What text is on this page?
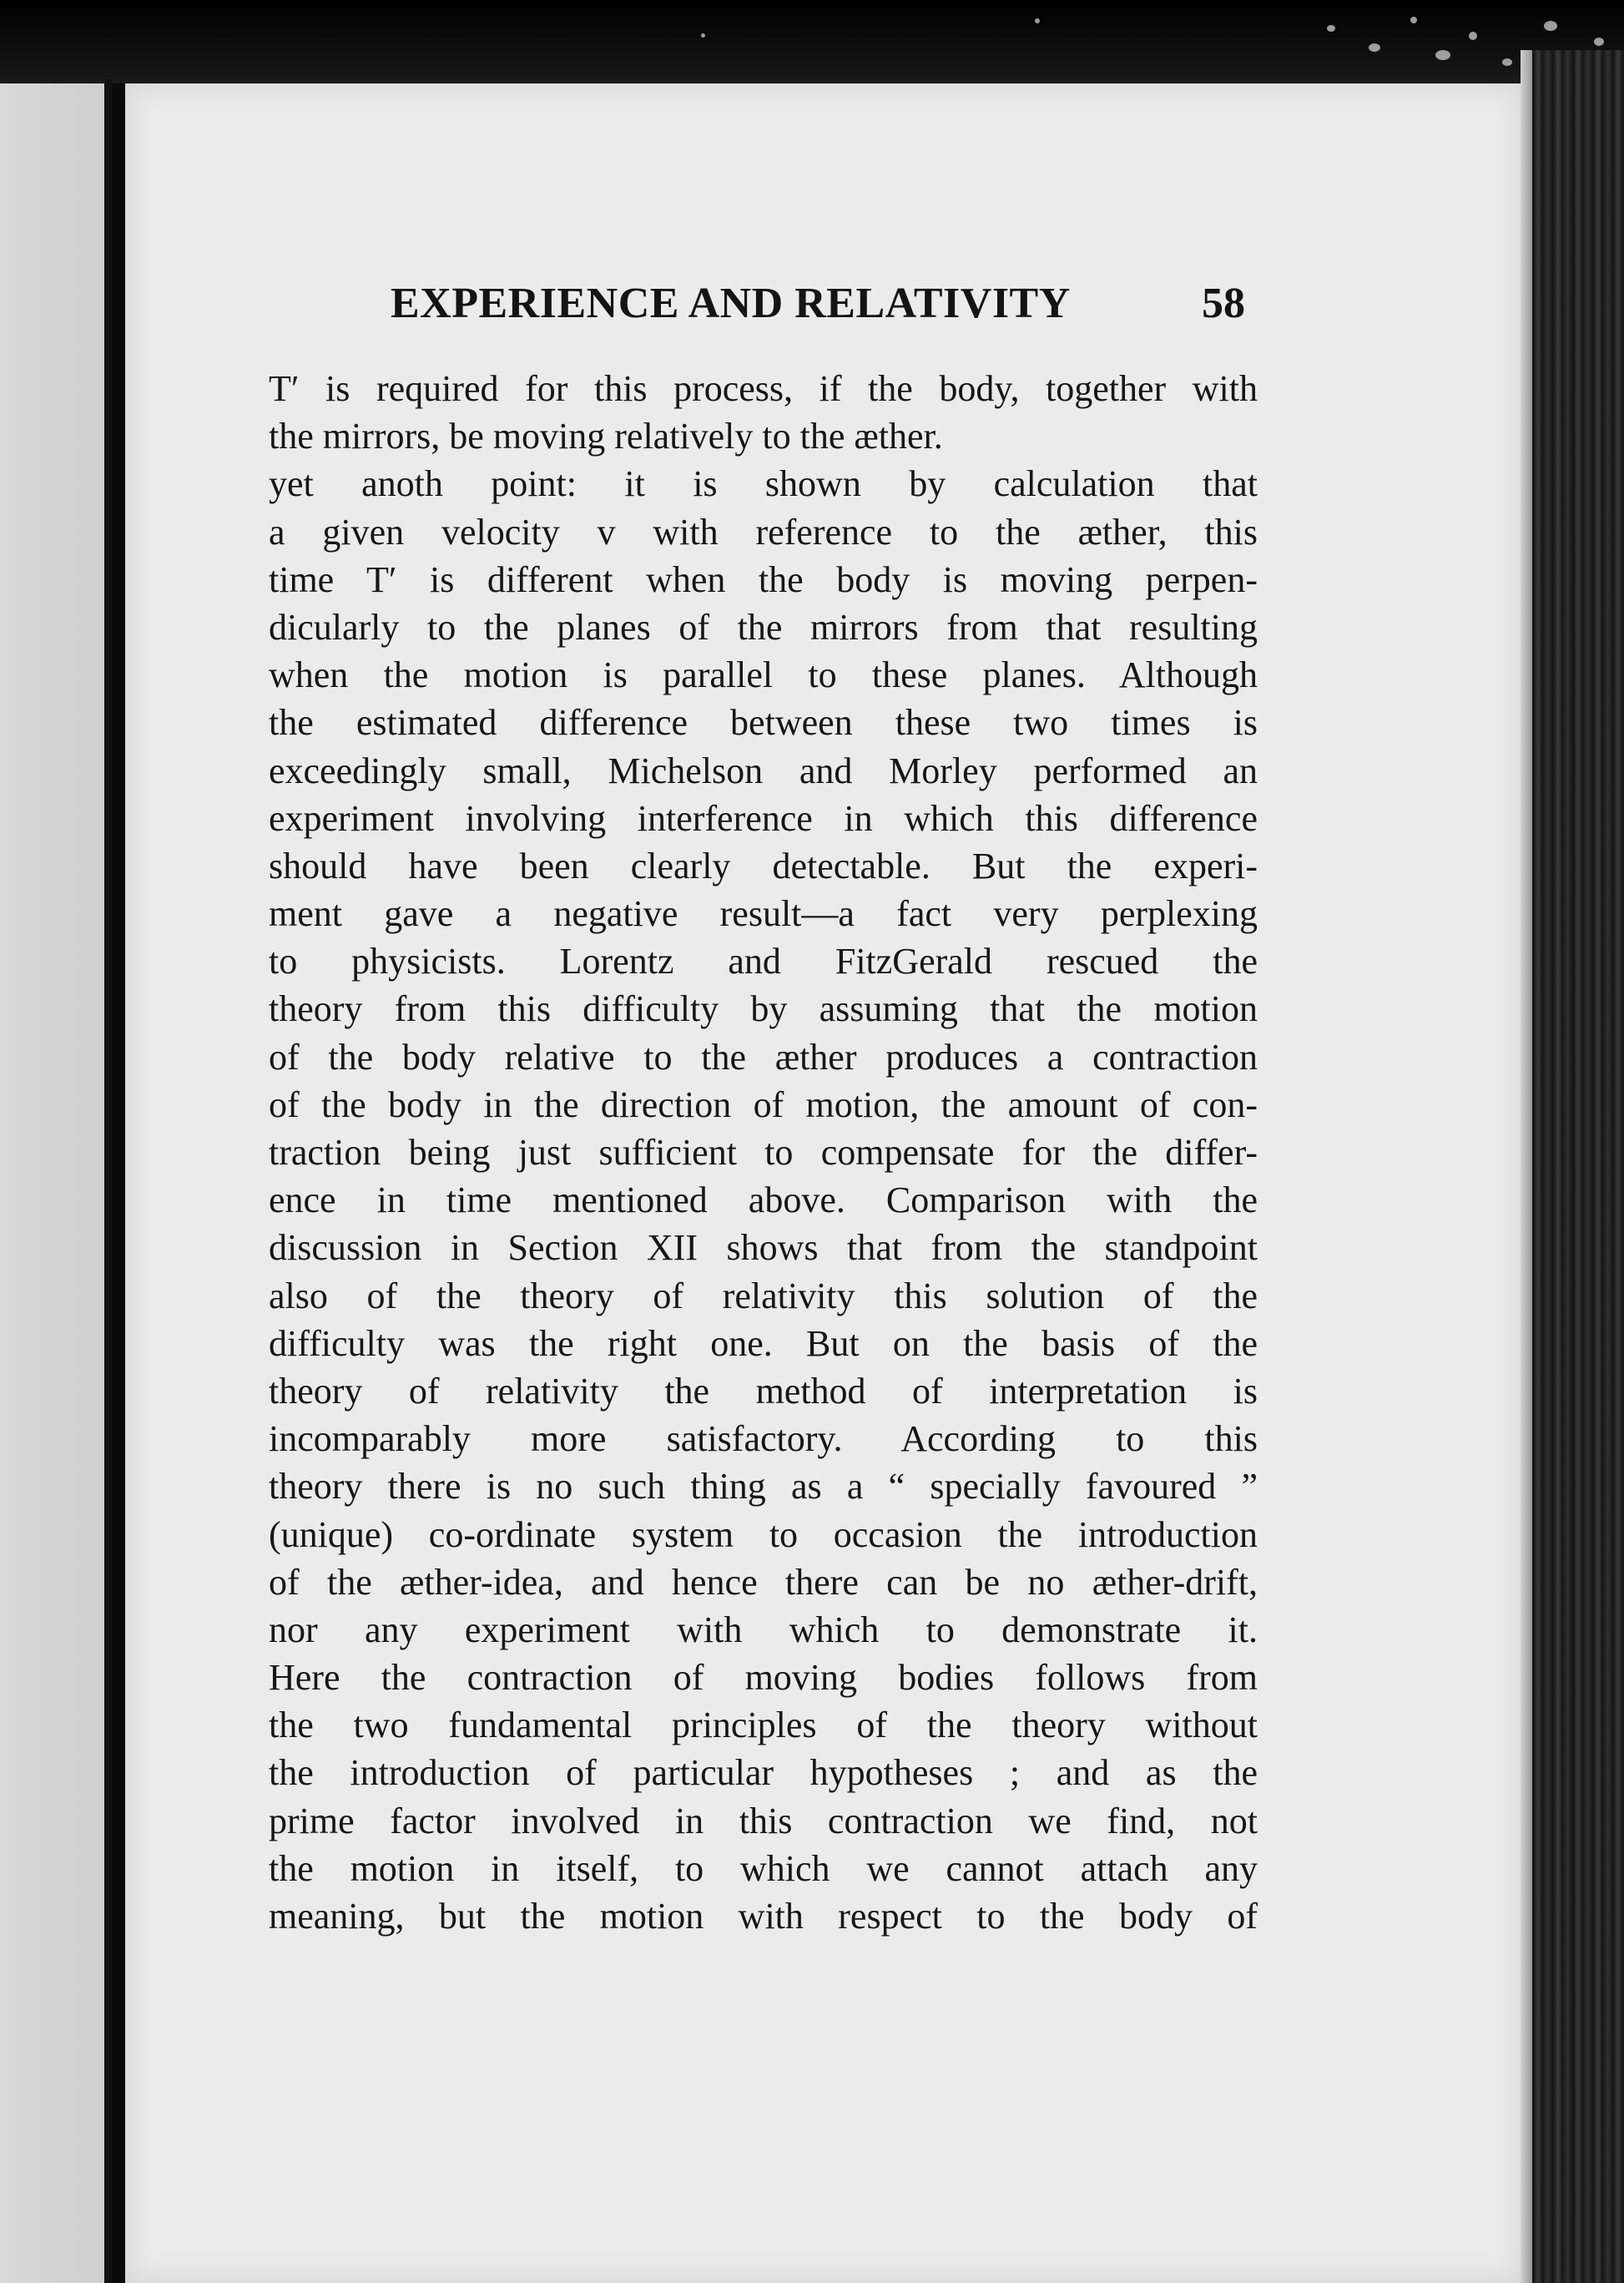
EXPERIENCE AND RELATIVITY	58
T′ is required for this process, if the body, together with
the mirrors, be moving relatively to the æther.
yet anoth point: it is shown by calculation that
a given velocity v with reference to the æther, this
time T′ is different when the body is moving perpen-
dicularly to the planes of the mirrors from that resulting
when the motion is parallel to these planes. Although
the estimated difference between these two times is
exceedingly small, Michelson and Morley performed an
experiment involving interference in which this difference
should have been clearly detectable. But the experi-
ment gave a negative result—a fact very perplexing
to physicists. Lorentz and FitzGerald rescued the
theory from this difficulty by assuming that the motion
of the body relative to the æther produces a contraction
of the body in the direction of motion, the amount of con-
traction being just sufficient to compensate for the differ-
ence in time mentioned above. Comparison with the
discussion in Section XII shows that from the standpoint
also of the theory of relativity this solution of the
difficulty was the right one. But on the basis of the
theory of relativity the method of interpretation is
incomparably more satisfactory. According to this
theory there is no such thing as a “ specially favoured ”
(unique) co-ordinate system to occasion the introduction
of the æther-idea, and hence there can be no æther-drift,
nor any experiment with which to demonstrate it.
Here the contraction of moving bodies follows from
the two fundamental principles of the theory without
the introduction of particular hypotheses ; and as the
prime factor involved in this contraction we find, not
the motion in itself, to which we cannot attach any
meaning, but the motion with respect to the body of
